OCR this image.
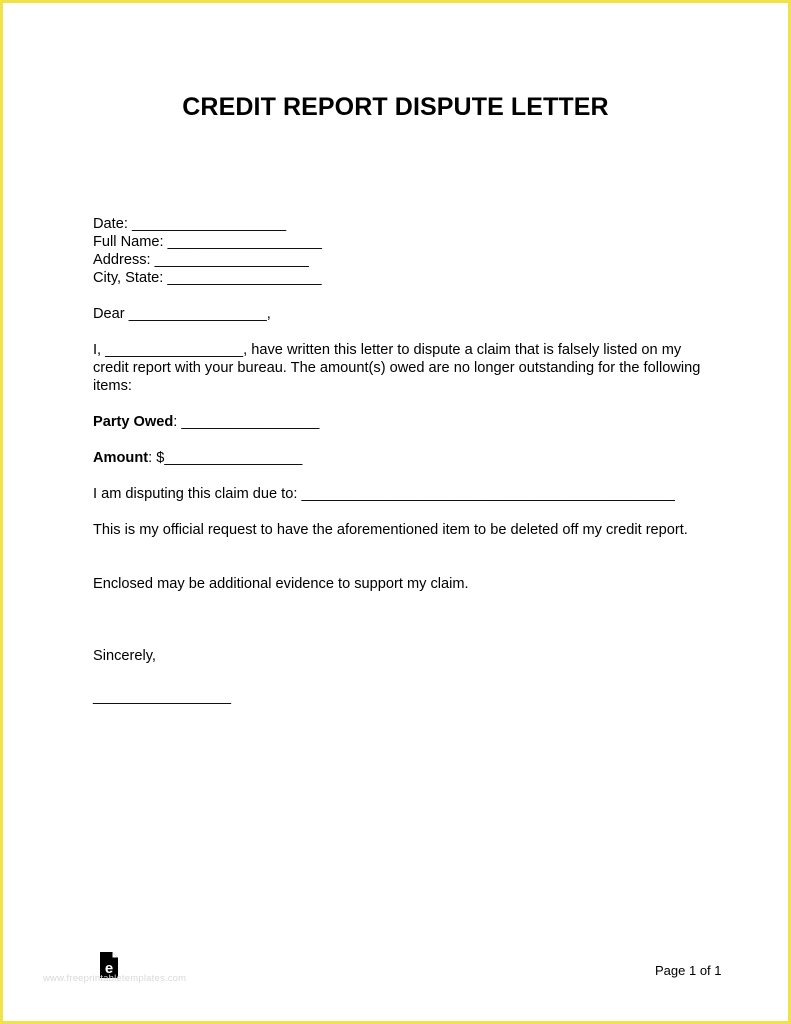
CREDIT REPORT DISPUTE LETTER

Date: ___________________

Full Name: ___________________

Address: ___________________

City, State: ___________________

Dear _________________,

I, _________________, have written this letter to dispute a claim that is falsely listed on my credit report with your bureau. The amount(s) owed are no longer outstanding for the following items:

Party Owed: _________________

Amount: $_________________

I am disputing this claim due to: ______________________________________________

This is my official request to have the aforementioned item to be deleted off my credit report.

Enclosed may be additional evidence to support my claim.

Sincerely,

_________________
e
www.freeprintabletemplates.com
Page 1 of 1
